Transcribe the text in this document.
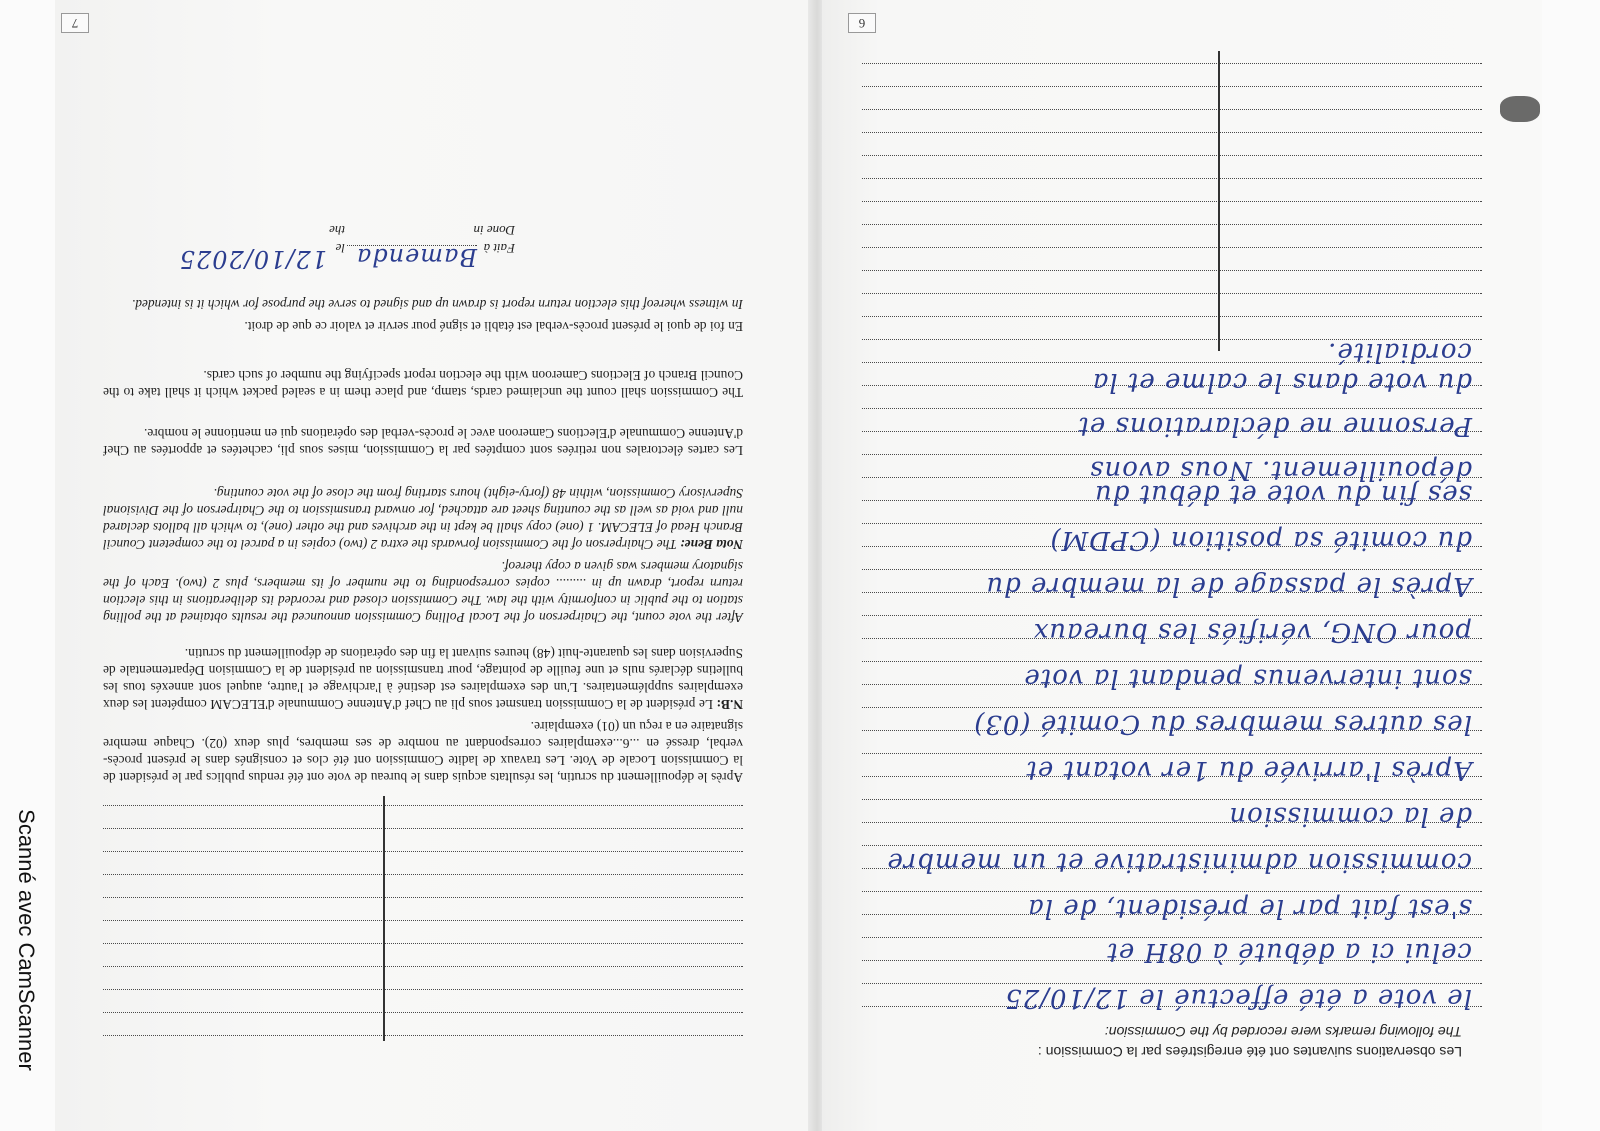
7

Après le dépouillement du scrutin, les résultats acquis dans le bureau de vote ont été rendus publics par le président de la Commission Locale de Vote. Les travaux de ladite Commission ont été clos et consignés dans le présent procès-verbal, dressé en ...6...exemplaires correspondant au nombre de ses membres, plus deux (02). Chaque membre signataire en a reçu un (01) exemplaire.

N.B: Le président de la Commission transmet sous pli au Chef d'Antenne Communale d'ELECAM compétent les deux exemplaires supplémentaires. L'un des exemplaires est destiné à l'archivage et l'autre, auquel sont annexés tous les bulletins déclarés nuls et une feuille de pointage, pour transmission au président de la Commision Départementale de Supervision dans les quarante-huit (48) heures suivant la fin des opérations de dépouillement du scrutin.

After the vote count, the Chairperson of the Local Polling Commission announced the results obtained at the polling station to the public in conformity with the law. The Commission closed and recorded its deliberations in this election return report, drawn up in ......... copies corresponding to the number of its members, plus 2 (two). Each of the signatory members was given a copy thereof.

Nota Bene: The Chairperson of the Commission forwards the extra 2 (two) copies in a parcel to the competent Council Branch Head of ELECAM. 1 (one) copy shall be kept in the archives and the other (one), to which all ballots declared null and void as well as the counting sheet are attached, for onward transmission to the Chairperson of the Divisional Supervisory Commission, within 48 (forty-eight) hours starting from the close of the vote counting.

Les cartes électorales non retirées sont comptées par la Commission, mises sous pli, cachetées et apportées au Chef d'Antenne Communale d'Elections Cameroon avec le procès-verbal des opérations qui en mentionne le nombre.

The Commission shall count the unclaimed cards, stamp, and place them in a sealed packet which it shall take to the Council Branch of Elections Cameroon with the election report specifying the number of such cards.

En foi de quoi le présent procès-verbal est établi et signé pour servir et valoir ce que de droit.

In witness whereof this election return report is drawn up and signed to serve the purpose for which it is intended.

Fait à
Bamenda
le
12/10/2025
Done in
the
6
Les observations suivantes ont été enregistrées par la Commission :
The following remarks were recorded by the Commission:
le vote a été effectué le 12/10/25
celui ci a débuté à 08H et
s'est fait par le président, de la
commission administrative et un membre
de la commission
Après l'arrivée du 1er votant et
les autres membres du Comité (03)
sont intervenus pendant la vote
pour ONG, vérifiés les bureaux
Après le passage de la membre du
du comité sa position (CPDM)
ses fin du vote et début du
dépouillement. Nous avons
Personne ne déclarations et
du vote dans le calme et la
cordialité.
Scanné avec CamScanner
